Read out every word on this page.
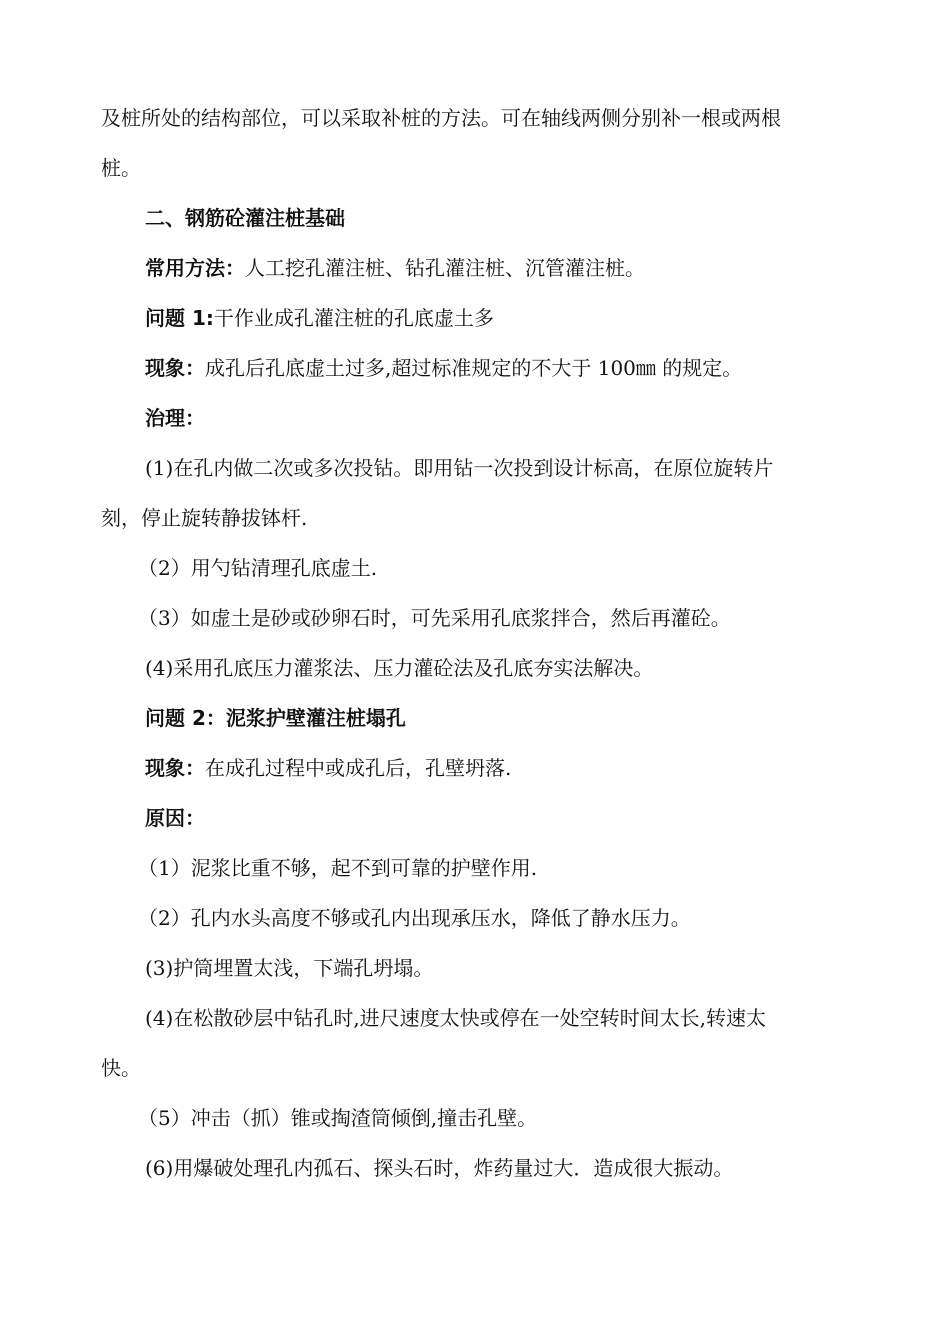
及桩所处的结构部位，可以采取补桩的方法。可在轴线两侧分别补一根或两根
桩。
二、钢筋砼灌注桩基础
常用方法：人工挖孔灌注桩、钻孔灌注桩、沉管灌注桩。
问题 1:干作业成孔灌注桩的孔底虚土多
现象：成孔后孔底虚土过多,超过标准规定的不大于 100㎜ 的规定。
治理：
(1)在孔内做二次或多次投钻。即用钻一次投到设计标高，在原位旋转片
刻，停止旋转静拔钵杆.
（2）用勺钻清理孔底虚土.
（3）如虚土是砂或砂卵石时，可先采用孔底浆拌合，然后再灌砼。
(4)采用孔底压力灌浆法、压力灌砼法及孔底夯实法解决。
问题 2：泥浆护壁灌注桩塌孔
现象：在成孔过程中或成孔后，孔壁坍落.
原因：
（1）泥浆比重不够，起不到可靠的护壁作用.
（2）孔内水头高度不够或孔内出现承压水，降低了静水压力。
(3)护筒埋置太浅，下端孔坍塌。
(4)在松散砂层中钻孔时,进尺速度太快或停在一处空转时间太长,转速太
快。
（5）冲击（抓）锥或掏渣筒倾倒,撞击孔壁。
(6)用爆破处理孔内孤石、探头石时，炸药量过大．造成很大振动。
